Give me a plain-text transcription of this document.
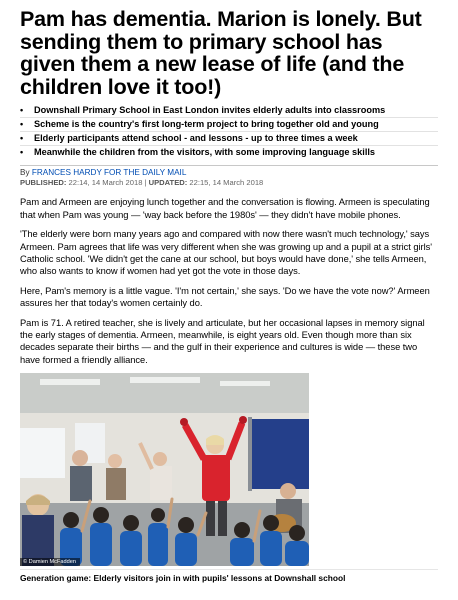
Pam has dementia. Marion is lonely. But sending them to primary school has given them a new lease of life (and the children love it too!)
• Downshall Primary School in East London invites elderly adults into classrooms
• Scheme is the country's first long-term project to bring together old and young
• Elderly participants attend school - and lessons - up to three times a week
• Meanwhile the children from the visitors, with some improving language skills
By FRANCES HARDY FOR THE DAILY MAIL
PUBLISHED: 22:14, 14 March 2018 | UPDATED: 22:15, 14 March 2018

Pam and Armeen are enjoying lunch together and the conversation is flowing. Armeen is speculating that when Pam was young — 'way back before the 1980s' — they didn't have mobile phones.

'The elderly were born many years ago and compared with now there wasn't much technology,' says Armeen. Pam agrees that life was very different when she was growing up and a pupil at a strict girls' Catholic school. 'We didn't get the cane at our school, but boys would have done,' she tells Armeen, who also wants to know if women had yet got the vote in those days.

Here, Pam's memory is a little vague. 'I'm not certain,' she says. 'Do we have the vote now?' Armeen assures her that today's women certainly do.

Pam is 71. A retired teacher, she is lively and articulate, but her occasional lapses in memory signal the early stages of dementia. Armeen, meanwhile, is eight years old. Even though more than six decades separate their births — and the gulf in their experience and cultures is wide — these two have formed a friendly alliance.

© Damien McFadden
Generation game: Elderly visitors join in with pupils' lessons at Downshall school
